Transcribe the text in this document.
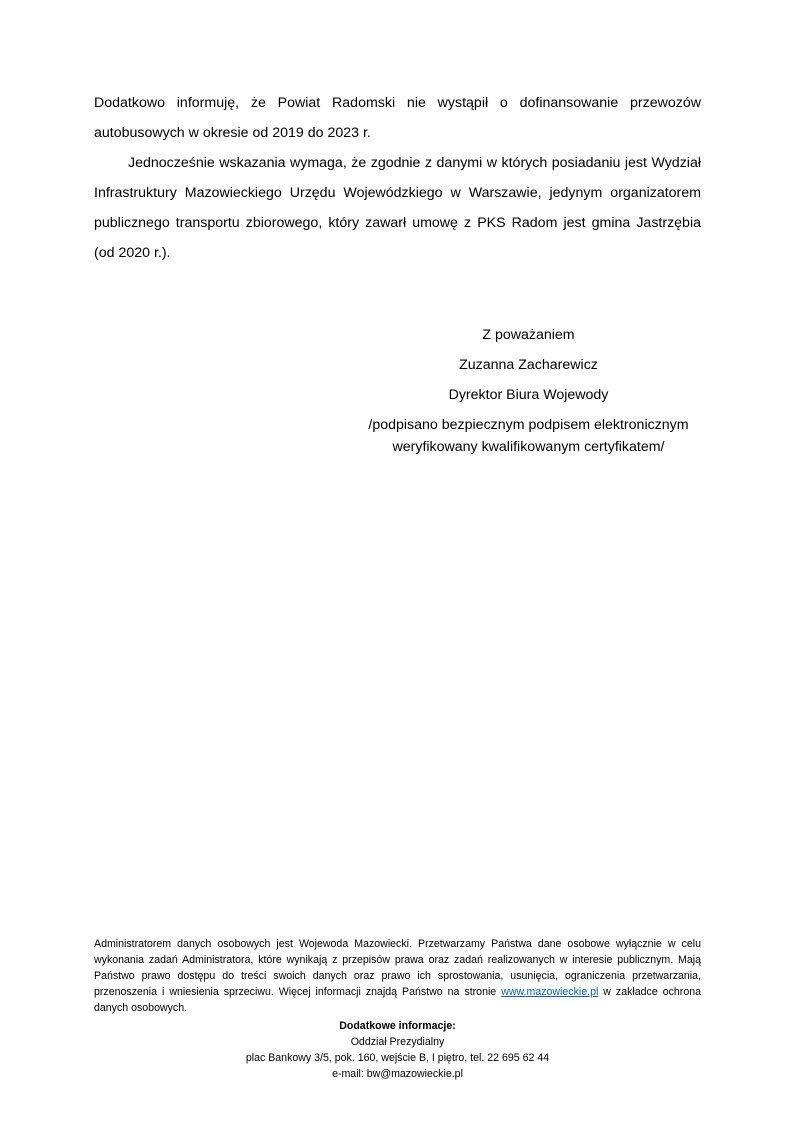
Dodatkowo informuję, że Powiat Radomski nie wystąpił o dofinansowanie przewozów autobusowych w okresie od 2019 do 2023 r.

Jednocześnie wskazania wymaga, że zgodnie z danymi w których posiadaniu jest Wydział Infrastruktury Mazowieckiego Urzędu Wojewódzkiego w Warszawie, jedynym organizatorem publicznego transportu zbiorowego, który zawarł umowę z PKS Radom jest gmina Jastrzębia (od 2020 r.).

Z poważaniem
Zuzanna Zacharewicz
Dyrektor Biura Wojewody
/podpisano bezpiecznym podpisem elektronicznym
weryfikowany kwalifikowanym certyfikatem/

Administratorem danych osobowych jest Wojewoda Mazowiecki. Przetwarzamy Państwa dane osobowe wyłącznie w celu wykonania zadań Administratora, które wynikają z przepisów prawa oraz zadań realizowanych w interesie publicznym. Mają Państwo prawo dostępu do treści swoich danych oraz prawo ich sprostowania, usunięcia, ograniczenia przetwarzania, przenoszenia i wniesienia sprzeciwu. Więcej informacji znajdą Państwo na stronie www.mazowieckie.pl w zakładce ochrona danych osobowych.

Dodatkowe informacje:
Oddział Prezydialny
plac Bankowy 3/5, pok. 160, wejście B, I piętro, tel. 22 695 62 44
e-mail: bw@mazowieckie.pl
